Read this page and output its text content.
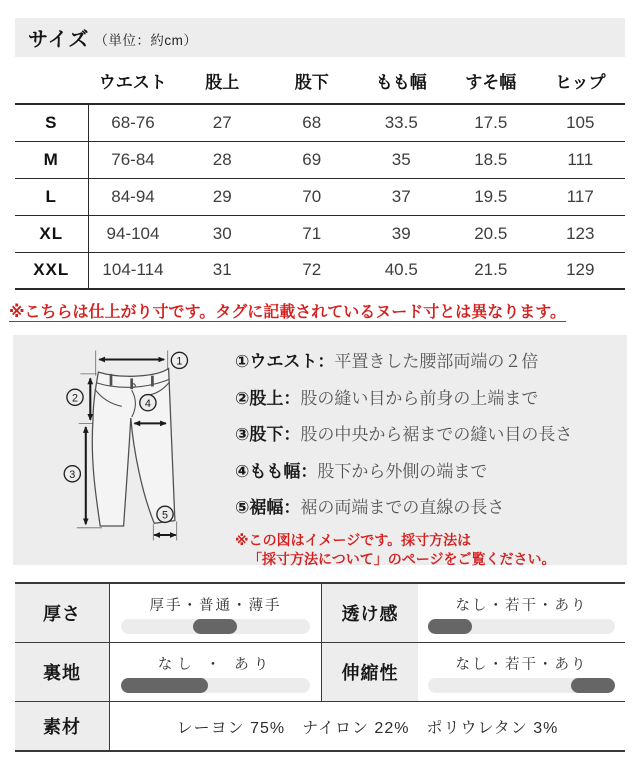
サイズ （単位：約cm）
	ウエスト	股上	股下	もも幅	すそ幅	ヒップ
S	68-76	27	68	33.5	17.5	105
M	76-84	28	69	35	18.5	111
L	84-94	29	70	37	19.5	117
XL	94-104	30	71	39	20.5	123
XXL	104-114	31	72	40.5	21.5	129
※こちらは仕上がり寸です。タグに記載されているヌード寸とは異なります。
1
2
3
4
5
①ウエスト：平置きした腰部両端の２倍
②股上：股の縫い目から前身の上端まで
③股下：股の中央から裾までの縫い目の長さ
④もも幅：股下から外側の端まで
⑤裾幅：裾の両端までの直線の長さ
※この図はイメージです。採寸方法は
「採寸方法について」のページをご覧ください。
厚さ	厚手・普通・薄手	透け感	なし・若干・あり
裏地	なし ・ あり	伸縮性	なし・若干・あり
素材	レーヨン 75%　ナイロン 22%　ポリウレタン 3%
